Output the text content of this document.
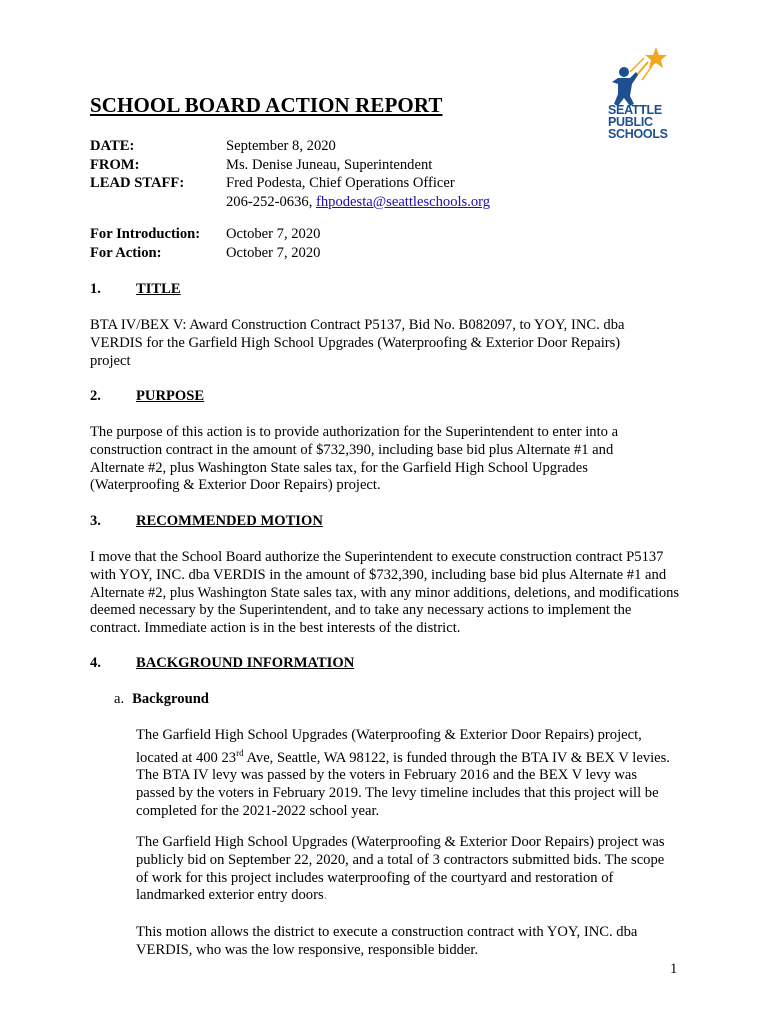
SEATTLE
PUBLIC
SCHOOLS
SCHOOL BOARD ACTION REPORT
DATE:
FROM:
LEAD STAFF:
September 8, 2020
Ms. Denise Juneau, Superintendent
Fred Podesta, Chief Operations Officer
206-252-0636, fhpodesta@seattleschools.org
For Introduction:
For Action:
October 7, 2020
October 7, 2020
1. TITLE
BTA IV/BEX V: Award Construction Contract P5137, Bid No. B082097, to YOY, INC. dba VERDIS for the Garfield High School Upgrades (Waterproofing & Exterior Door Repairs) project
2. PURPOSE
The purpose of this action is to provide authorization for the Superintendent to enter into a construction contract in the amount of $732,390, including base bid plus Alternate #1 and Alternate #2, plus Washington State sales tax, for the Garfield High School Upgrades (Waterproofing & Exterior Door Repairs) project.
3. RECOMMENDED MOTION
I move that the School Board authorize the Superintendent to execute construction contract P5137 with YOY, INC. dba VERDIS in the amount of $732,390, including base bid plus Alternate #1 and Alternate #2, plus Washington State sales tax, with any minor additions, deletions, and modifications deemed necessary by the Superintendent, and to take any necessary actions to implement the contract. Immediate action is in the best interests of the district.
4. BACKGROUND INFORMATION
a. Background
The Garfield High School Upgrades (Waterproofing & Exterior Door Repairs) project, located at 400 23rd Ave, Seattle, WA 98122, is funded through the BTA IV & BEX V levies. The BTA IV levy was passed by the voters in February 2016 and the BEX V levy was passed by the voters in February 2019. The levy timeline includes that this project will be completed for the 2021-2022 school year.
The Garfield High School Upgrades (Waterproofing & Exterior Door Repairs) project was publicly bid on September 22, 2020, and a total of 3 contractors submitted bids. The scope of work for this project includes waterproofing of the courtyard and restoration of landmarked exterior entry doors.
This motion allows the district to execute a construction contract with YOY, INC. dba VERDIS, who was the low responsive, responsible bidder.
1
